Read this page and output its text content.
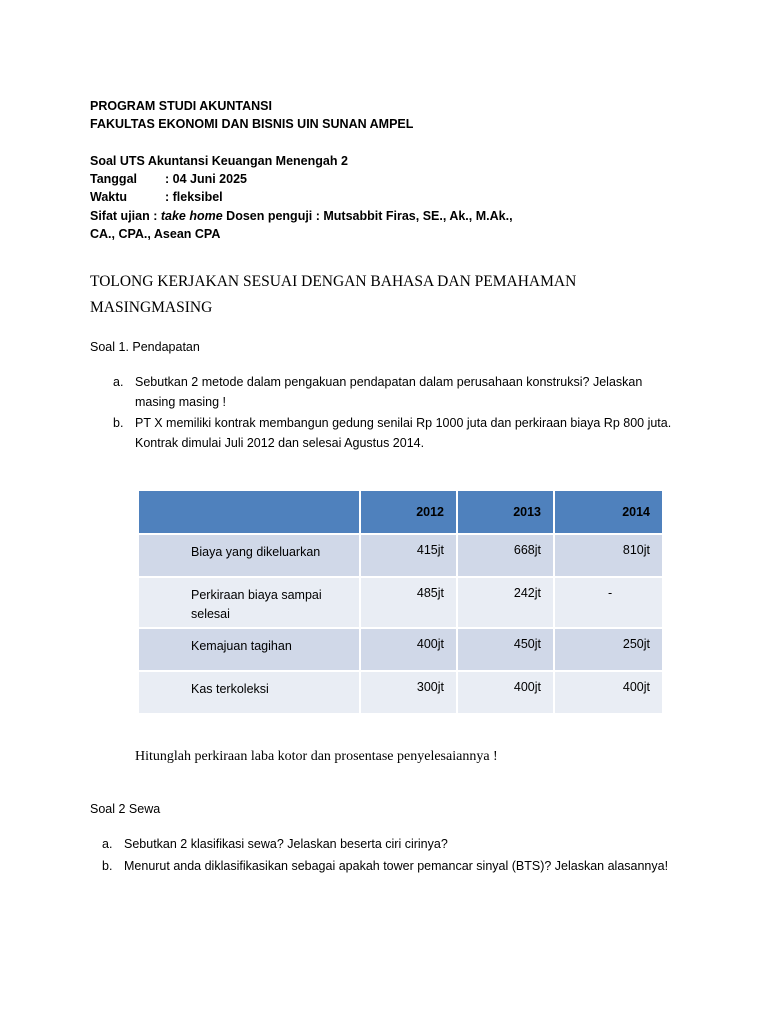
PROGRAM STUDI AKUNTANSI
FAKULTAS EKONOMI DAN BISNIS UIN SUNAN AMPEL
Soal UTS Akuntansi Keuangan Menengah 2
Tanggal : 04 Juni 2025
Waktu	: fleksibel
Sifat ujian : take home Dosen penguji : Mutsabbit Firas, SE., Ak., M.Ak.,
CA., CPA., Asean CPA
TOLONG KERJAKAN SESUAI DENGAN BAHASA DAN PEMAHAMAN
MASINGMASING
Soal 1. Pendapatan
a. Sebutkan 2 metode dalam pengakuan pendapatan dalam perusahaan konstruksi? Jelaskan
masing masing !
b. PT X memiliki kontrak membangun gedung senilai Rp 1000 juta dan perkiraan biaya Rp 800 juta.
Kontrak dimulai Juli 2012 dan selesai Agustus 2014.
	2012	2013	2014
Biaya yang dikeluarkan	415jt	668jt	810jt
Perkiraan biaya sampai selesai	485jt	242jt	-
Kemajuan tagihan	400jt	450jt	250jt
Kas terkoleksi	300jt	400jt	400jt
Hitunglah perkiraan laba kotor dan prosentase penyelesaiannya !
Soal 2 Sewa
a. Sebutkan 2 klasifikasi sewa? Jelaskan beserta ciri cirinya?
b. Menurut anda diklasifikasikan sebagai apakah tower pemancar sinyal (BTS)? Jelaskan alasannya!
